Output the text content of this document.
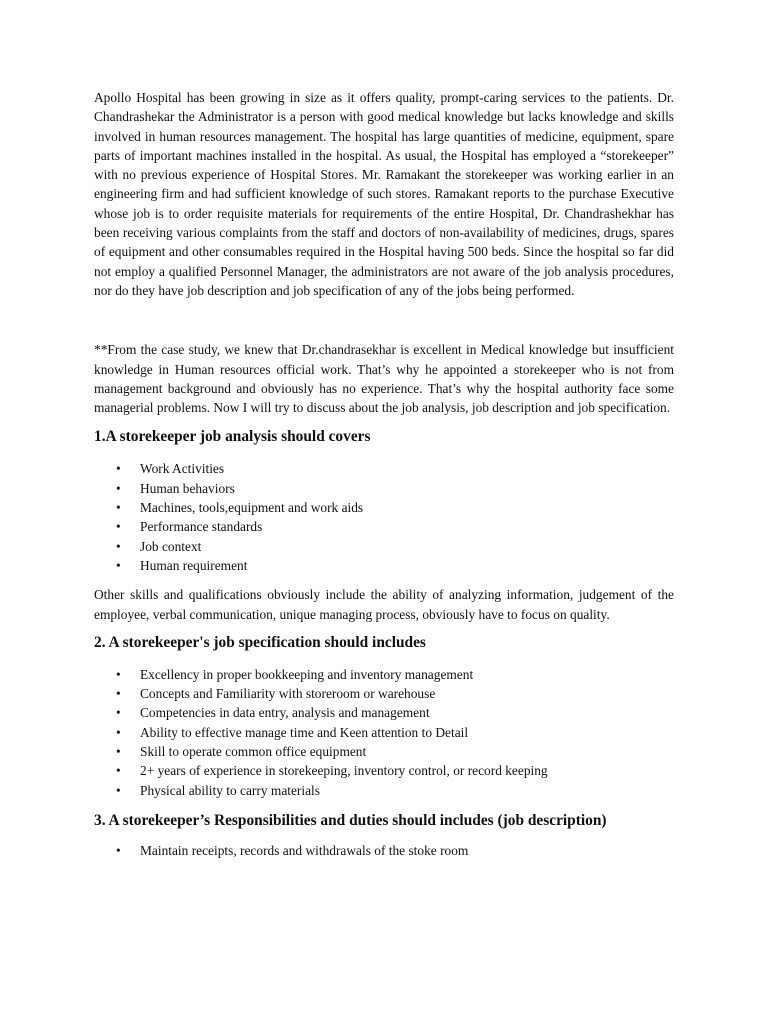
Apollo Hospital has been growing in size as it offers quality, prompt-caring services to the patients. Dr. Chandrashekar the Administrator is a person with good medical knowledge but lacks knowledge and skills involved in human resources management. The hospital has large quantities of medicine, equipment, spare parts of important machines installed in the hospital. As usual, the Hospital has employed a “storekeeper” with no previous experience of Hospital Stores. Mr. Ramakant the storekeeper was working earlier in an engineering firm and had sufficient knowledge of such stores. Ramakant reports to the purchase Executive whose job is to order requisite materials for requirements of the entire Hospital, Dr. Chandrashekhar has been receiving various complaints from the staff and doctors of non-availability of medicines, drugs, spares of equipment and other consumables required in the Hospital having 500 beds. Since the hospital so far did not employ a qualified Personnel Manager, the administrators are not aware of the job analysis procedures, nor do they have job description and job specification of any of the jobs being performed.

**From the case study, we knew that Dr.chandrasekhar is excellent in Medical knowledge but insufficient knowledge in Human resources official work. That’s why he appointed a storekeeper who is not from management background and obviously has no experience. That’s why the hospital authority face some managerial problems. Now I will try to discuss about the job analysis, job description and job specification.

1.A storekeeper job analysis should covers
• Work Activities
• Human behaviors
• Machines, tools,equipment and work aids
• Performance standards
• Job context
• Human requirement

Other skills and qualifications obviously include the ability of analyzing information, judgement of the employee, verbal communication, unique managing process, obviously have to focus on quality.

2. A storekeeper's job specification should includes
• Excellency in proper bookkeeping and inventory management
• Concepts and Familiarity with storeroom or warehouse
• Competencies in data entry, analysis and management
• Ability to effective manage time and Keen attention to Detail
• Skill to operate common office equipment
• 2+ years of experience in storekeeping, inventory control, or record keeping
• Physical ability to carry materials
3. A storekeeper’s Responsibilities and duties should includes (job description)
• Maintain receipts, records and withdrawals of the stoke room
